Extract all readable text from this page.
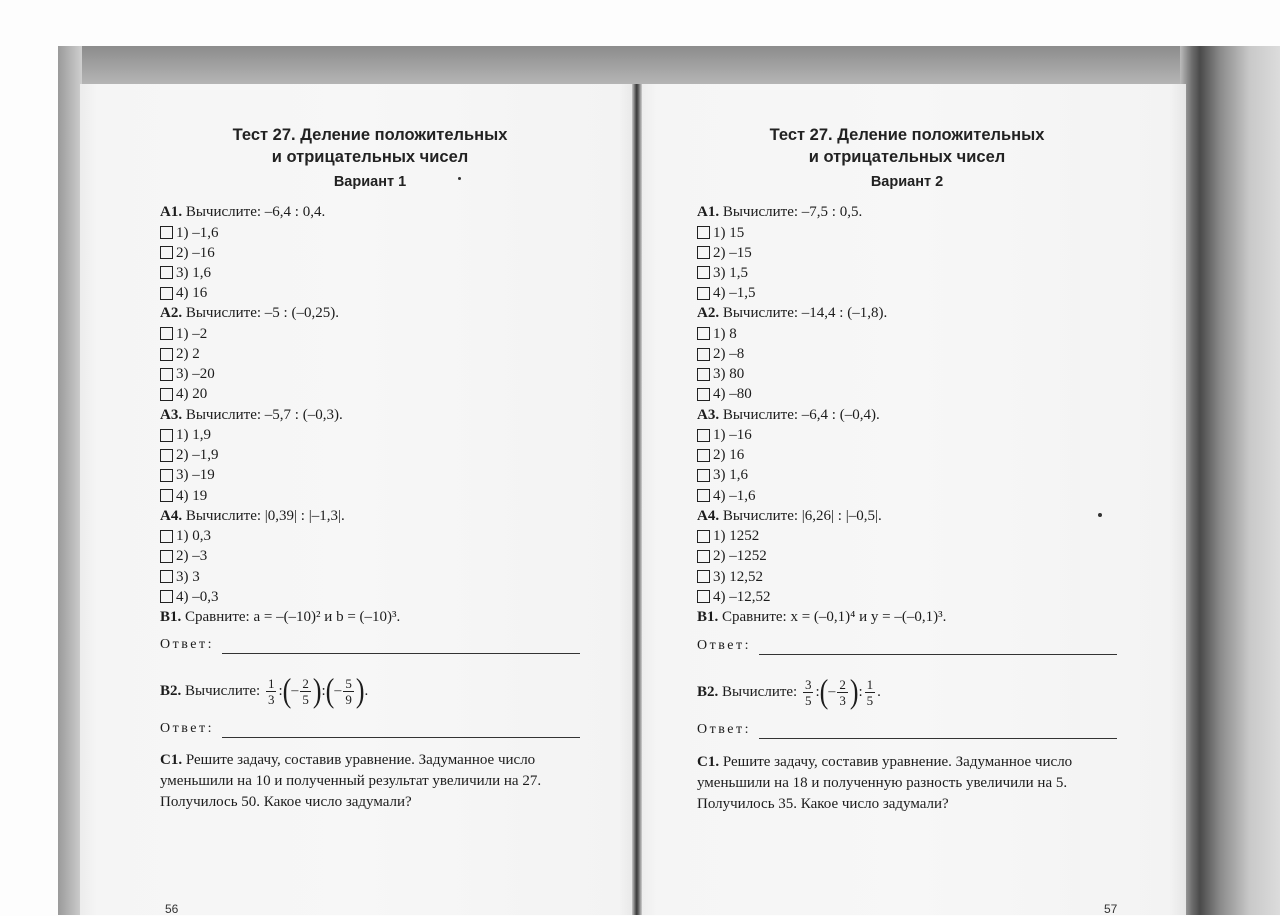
Тест 27. Деление положительных
и отрицательных чисел
Вариант 1
А1. Вычислите: –6,4 : 0,4.
1) –1,6
2) –16
3) 1,6
4) 16
А2. Вычислите: –5 : (–0,25).
1) –2
2) 2
3) –20
4) 20
А3. Вычислите: –5,7 : (–0,3).
1) 1,9
2) –1,9
3) –19
4) 19
А4. Вычислите: |0,39| : |–1,3|.
1) 0,3
2) –3
3) 3
4) –0,3
В1. Сравните: a = –(–10)² и b = (–10)³.
Ответ:
В2.
Вычислите:
$\frac{1}{3}$ : ( – $\frac{2}{5}$ ) : ( – $\frac{5}{9}$ ) .
Ответ:
С1. Решите задачу, составив уравнение. Задуманное число уменьшили на 10 и полученный результат увеличили на 27. Получилось 50. Какое число задумали?
56
Тест 27. Деление положительных
и отрицательных чисел
Вариант 2
А1. Вычислите: –7,5 : 0,5.
1) 15
2) –15
3) 1,5
4) –1,5
А2. Вычислите: –14,4 : (–1,8).
1) 8
2) –8
3) 80
4) –80
А3. Вычислите: –6,4 : (–0,4).
1) –16
2) 16
3) 1,6
4) –1,6
А4. Вычислите: |6,26| : |–0,5|.
1) 1252
2) –1252
3) 12,52
4) –12,52
В1. Сравните: x = (–0,1)⁴ и y = –(–0,1)³.
Ответ:
В2.
Вычислите:
$\frac{3}{5}$ : ( – $\frac{2}{3}$ ) : $\frac{1}{5}$ .
Ответ:
С1. Решите задачу, составив уравнение. Задуманное число уменьшили на 18 и полученную разность увеличили на 5. Получилось 35. Какое число задумали?
57
